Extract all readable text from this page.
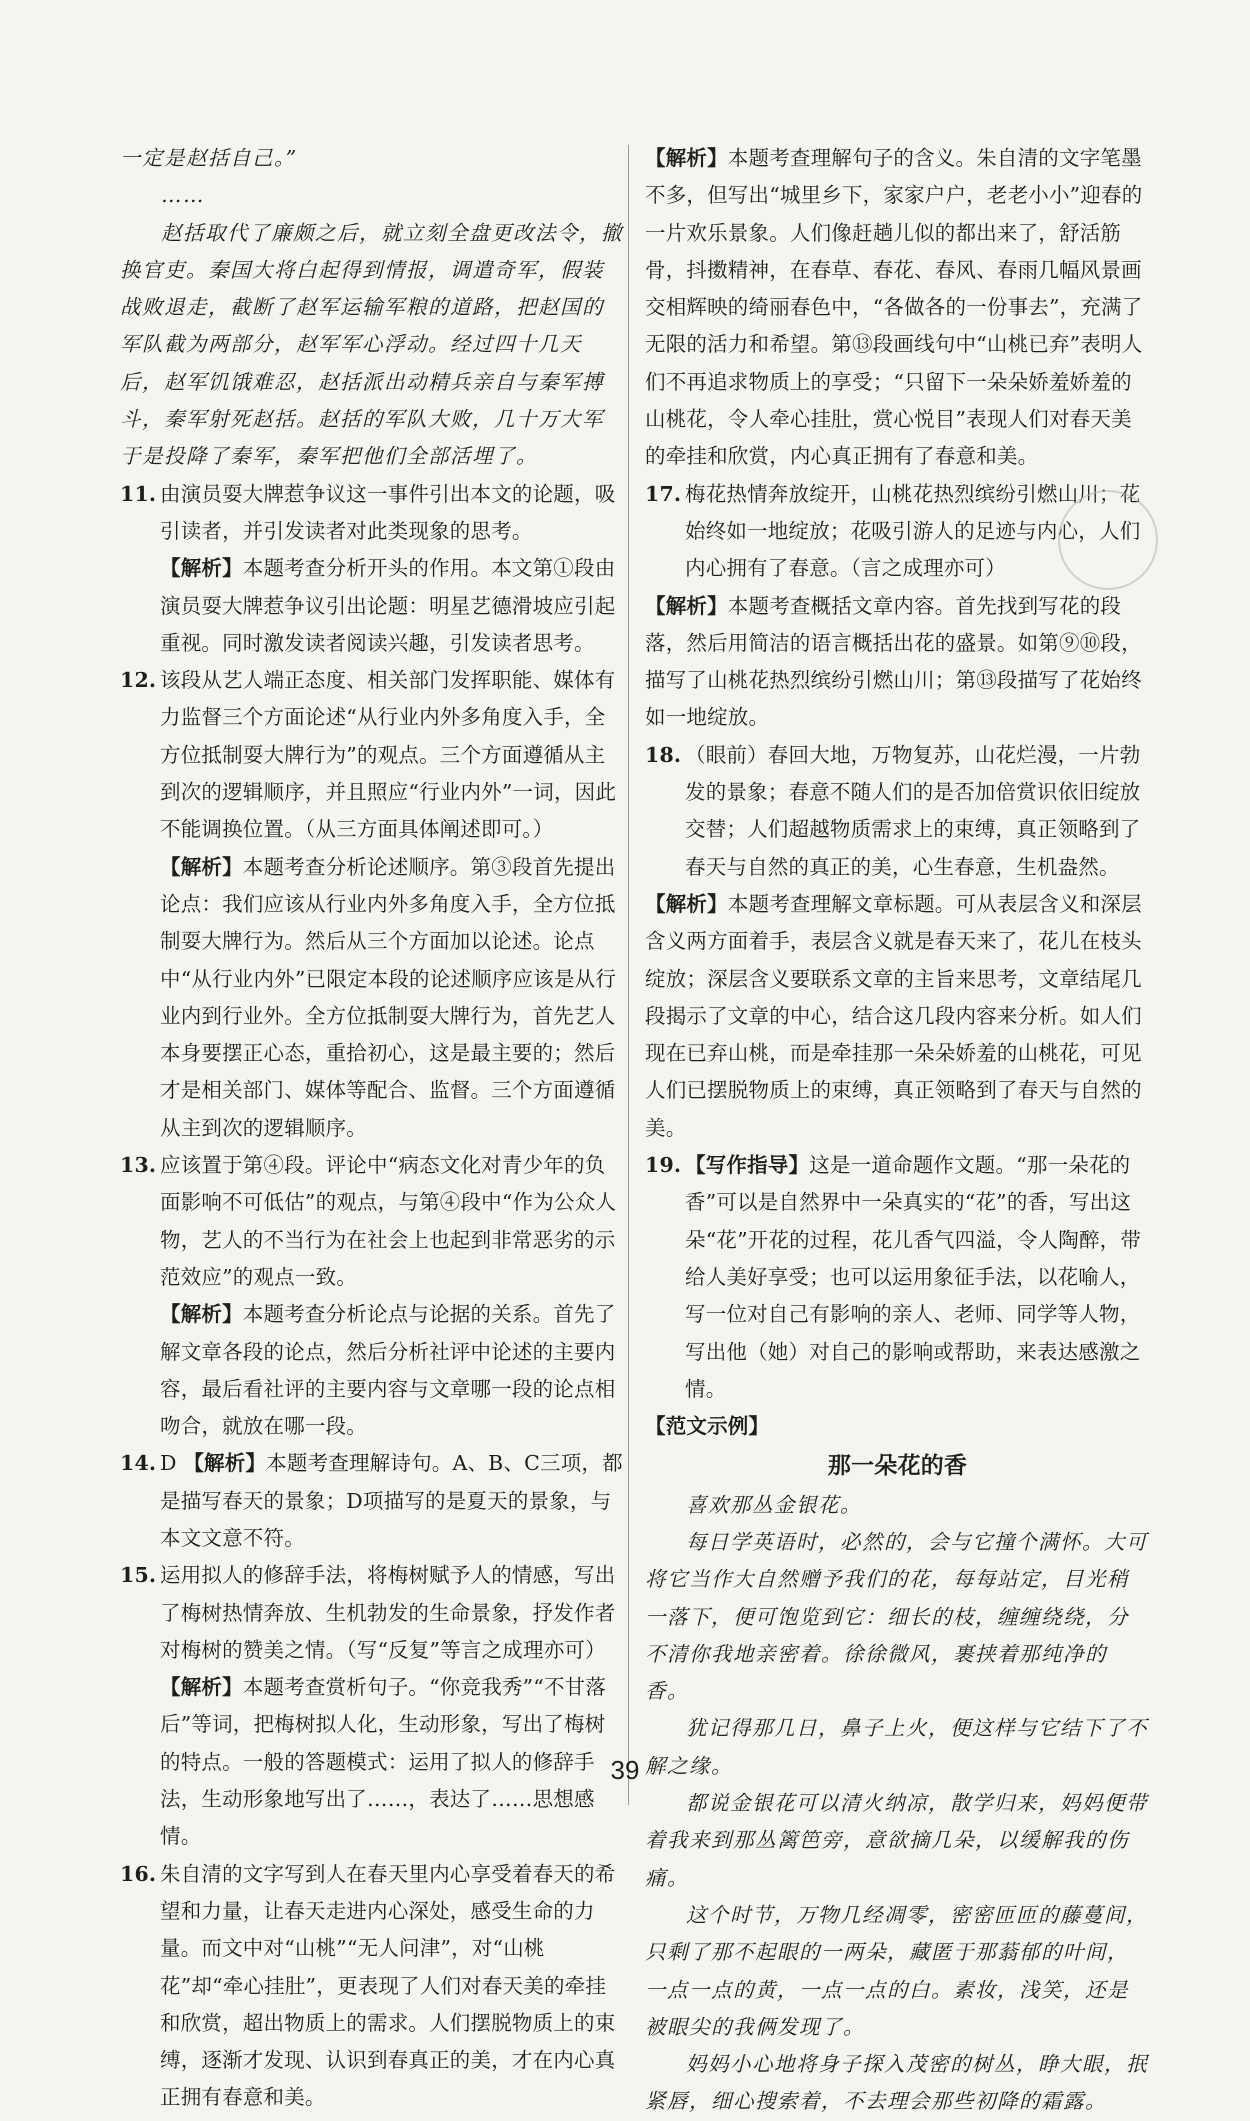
一定是赵括自己。”

……

赵括取代了廉颇之后，就立刻全盘更改法令，撤换官吏。秦国大将白起得到情报，调遣奇军，假装战败退走，截断了赵军运输军粮的道路，把赵国的军队截为两部分，赵军军心浮动。经过四十几天后，赵军饥饿难忍，赵括派出动精兵亲自与秦军搏斗，秦军射死赵括。赵括的军队大败，几十万大军于是投降了秦军，秦军把他们全部活埋了。

11. 由演员耍大牌惹争议这一事件引出本文的论题，吸引读者，并引发读者对此类现象的思考。

【解析】本题考查分析开头的作用。本文第①段由演员耍大牌惹争议引出论题：明星艺德滑坡应引起重视。同时激发读者阅读兴趣，引发读者思考。

12. 该段从艺人端正态度、相关部门发挥职能、媒体有力监督三个方面论述“从行业内外多角度入手，全方位抵制耍大牌行为”的观点。三个方面遵循从主到次的逻辑顺序，并且照应“行业内外”一词，因此不能调换位置。（从三方面具体阐述即可。）

【解析】本题考查分析论述顺序。第③段首先提出论点：我们应该从行业内外多角度入手，全方位抵制耍大牌行为。然后从三个方面加以论述。论点中“从行业内外”已限定本段的论述顺序应该是从行业内到行业外。全方位抵制耍大牌行为，首先艺人本身要摆正心态，重拾初心，这是最主要的；然后才是相关部门、媒体等配合、监督。三个方面遵循从主到次的逻辑顺序。

13. 应该置于第④段。评论中“病态文化对青少年的负面影响不可低估”的观点，与第④段中“作为公众人物，艺人的不当行为在社会上也起到非常恶劣的示范效应”的观点一致。

【解析】本题考查分析论点与论据的关系。首先了解文章各段的论点，然后分析社评中论述的主要内容，最后看社评的主要内容与文章哪一段的论点相吻合，就放在哪一段。

14. D 【解析】本题考查理解诗句。A、B、C三项，都是描写春天的景象；D项描写的是夏天的景象，与本文文意不符。
15. 运用拟人的修辞手法，将梅树赋予人的情感，写出了梅树热情奔放、生机勃发的生命景象，抒发作者对梅树的赞美之情。（写“反复”等言之成理亦可）

【解析】本题考查赏析句子。“你竞我秀”“不甘落后”等词，把梅树拟人化，生动形象，写出了梅树的特点。一般的答题模式：运用了拟人的修辞手法，生动形象地写出了……，表达了……思想感情。

16. 朱自清的文字写到人在春天里内心享受着春天的希望和力量，让春天走进内心深处，感受生命的力量。而文中对“山桃”“无人问津”，对“山桃花”却“牵心挂肚”，更表现了人们对春天美的牵挂和欣赏，超出物质上的需求。人们摆脱物质上的束缚，逐渐才发现、认识到春真正的美，才在内心真正拥有春意和美。

【解析】本题考查理解句子的含义。朱自清的文字笔墨不多，但写出“城里乡下，家家户户，老老小小”迎春的一片欢乐景象。人们像赶趟儿似的都出来了，舒活筋骨，抖擞精神，在春草、春花、春风、春雨几幅风景画交相辉映的绮丽春色中，“各做各的一份事去”，充满了无限的活力和希望。第⑬段画线句中“山桃已弃”表明人们不再追求物质上的享受；“只留下一朵朵娇羞娇羞的山桃花，令人牵心挂肚，赏心悦目”表现人们对春天美的牵挂和欣赏，内心真正拥有了春意和美。

17. 梅花热情奔放绽开，山桃花热烈缤纷引燃山川；花始终如一地绽放；花吸引游人的足迹与内心，人们内心拥有了春意。（言之成理亦可）

【解析】本题考查概括文章内容。首先找到写花的段落，然后用简洁的语言概括出花的盛景。如第⑨⑩段，描写了山桃花热烈缤纷引燃山川；第⑬段描写了花始终如一地绽放。

18. （眼前）春回大地，万物复苏，山花烂漫，一片勃发的景象；春意不随人们的是否加倍赏识依旧绽放交替；人们超越物质需求上的束缚，真正领略到了春天与自然的真正的美，心生春意，生机盎然。

【解析】本题考查理解文章标题。可从表层含义和深层含义两方面着手，表层含义就是春天来了，花儿在枝头绽放；深层含义要联系文章的主旨来思考，文章结尾几段揭示了文章的中心，结合这几段内容来分析。如人们现在已弃山桃，而是牵挂那一朵朵娇羞的山桃花，可见人们已摆脱物质上的束缚，真正领略到了春天与自然的美。

19. 【写作指导】这是一道命题作文题。“那一朵花的香”可以是自然界中一朵真实的“花”的香，写出这朵“花”开花的过程，花儿香气四溢，令人陶醉，带给人美好享受；也可以运用象征手法，以花喻人，写一位对自己有影响的亲人、老师、同学等人物，写出他（她）对自己的影响或帮助，来表达感激之情。

【范文示例】

那一朵花的香

喜欢那丛金银花。

每日学英语时，必然的，会与它撞个满怀。大可将它当作大自然赠予我们的花，每每站定，目光稍一落下，便可饱览到它：细长的枝，缠缠绕绕，分不清你我地亲密着。徐徐微风，裹挟着那纯净的香。

犹记得那几日，鼻子上火，便这样与它结下了不解之缘。

都说金银花可以清火纳凉，散学归来，妈妈便带着我来到那丛篱笆旁，意欲摘几朵，以缓解我的伤痛。

这个时节，万物几经凋零，密密匝匝的藤蔓间，只剩了那不起眼的一两朵，藏匿于那蓊郁的叶间，一点一点的黄，一点一点的白。素妆，浅笑，还是被眼尖的我俩发现了。

妈妈小心地将身子探入茂密的树丛，睁大眼，抿紧唇，细心搜索着，不去理会那些初降的霜露。

39
